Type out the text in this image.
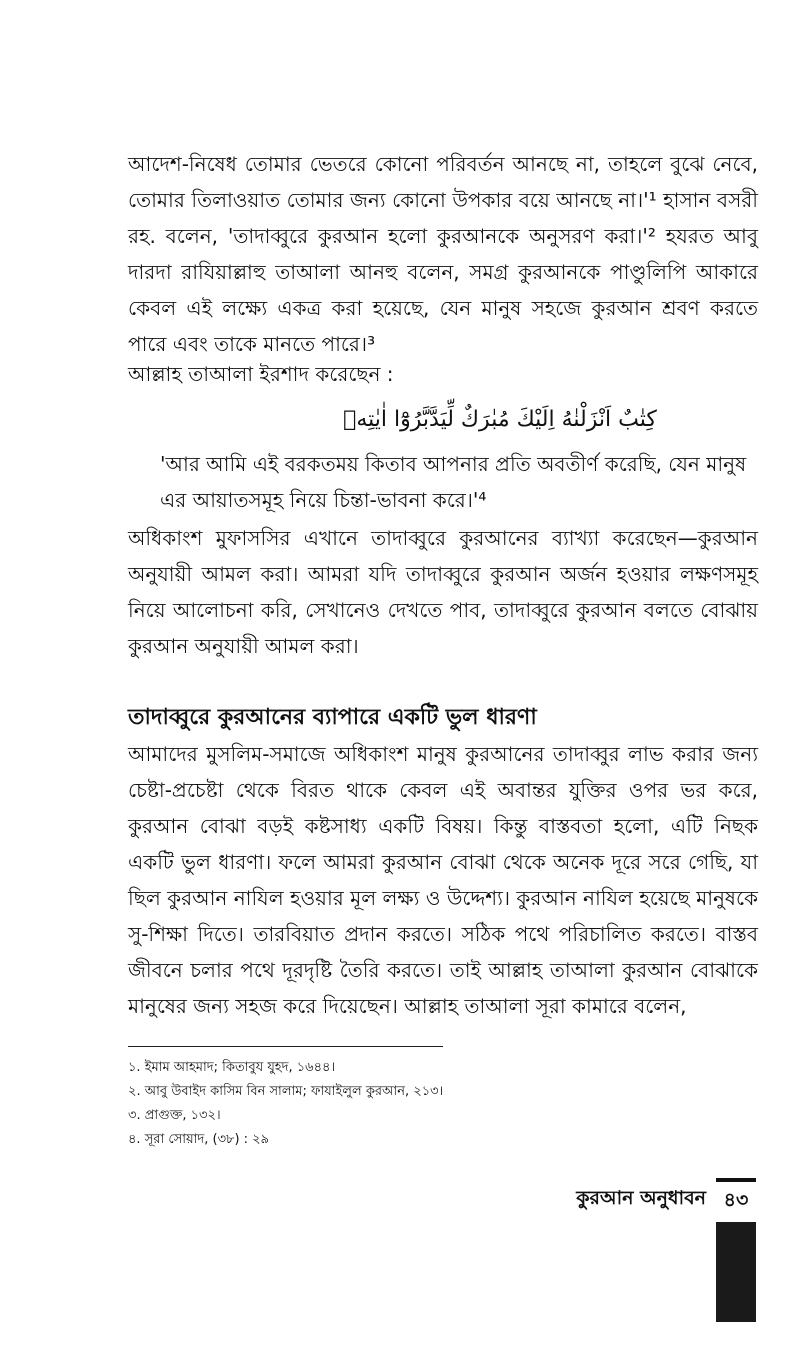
আদেশ-নিষেধ তোমার ভেতরে কোনো পরিবর্তন আনছে না, তাহলে বুঝে নেবে, তোমার তিলাওয়াত তোমার জন্য কোনো উপকার বয়ে আনছে না।'¹ হাসান বসরী রহ. বলেন, 'তাদাব্বুরে কুরআন হলো কুরআনকে অনুসরণ করা।'² হযরত আবু দারদা রাযিয়াল্লাহু তাআলা আনহু বলেন, সমগ্র কুরআনকে পাণ্ডুলিপি আকারে কেবল এই লক্ষ্যে একত্র করা হয়েছে, যেন মানুষ সহজে কুরআন শ্রবণ করতে পারে এবং তাকে মানতে পারে।³

আল্লাহ তাআলা ইরশাদ করেছেন :

كِتٰبٌ اَنْزَلْنٰهُ اِلَيْكَ مُبٰرَكٌ لِّيَدَّبَّرُوْٓا اٰيٰتِهٖ

'আর আমি এই বরকতময় কিতাব আপনার প্রতি অবতীর্ণ করেছি, যেন মানুষ এর আয়াতসমূহ নিয়ে চিন্তা-ভাবনা করে।'⁴

অধিকাংশ মুফাসসির এখানে তাদাব্বুরে কুরআনের ব্যাখ্যা করেছেন—কুরআন অনুযায়ী আমল করা। আমরা যদি তাদাব্বুরে কুরআন অর্জন হওয়ার লক্ষণসমূহ নিয়ে আলোচনা করি, সেখানেও দেখতে পাব, তাদাব্বুরে কুরআন বলতে বোঝায় কুরআন অনুযায়ী আমল করা।

তাদাব্বুরে কুরআনের ব্যাপারে একটি ভুল ধারণা

আমাদের মুসলিম-সমাজে অধিকাংশ মানুষ কুরআনের তাদাব্বুর লাভ করার জন্য চেষ্টা-প্রচেষ্টা থেকে বিরত থাকে কেবল এই অবান্তর যুক্তির ওপর ভর করে, কুরআন বোঝা বড়ই কষ্টসাধ্য একটি বিষয়। কিন্তু বাস্তবতা হলো, এটি নিছক একটি ভুল ধারণা। ফলে আমরা কুরআন বোঝা থেকে অনেক দূরে সরে গেছি, যা ছিল কুরআন নাযিল হওয়ার মূল লক্ষ্য ও উদ্দেশ্য। কুরআন নাযিল হয়েছে মানুষকে সু-শিক্ষা দিতে। তারবিয়াত প্রদান করতে। সঠিক পথে পরিচালিত করতে। বাস্তব জীবনে চলার পথে দূরদৃষ্টি তৈরি করতে। তাই আল্লাহ তাআলা কুরআন বোঝাকে মানুষের জন্য সহজ করে দিয়েছেন। আল্লাহ তাআলা সূরা কামারে বলেন,

১. ইমাম আহমাদ; কিতাবুয যুহদ, ১৬৪৪।
২. আবু উবাইদ কাসিম বিন সালাম; ফাযাইলুল কুরআন, ২১৩।
৩. প্রাগুক্ত, ১৩২।
৪. সূরা সোয়াদ, (৩৮) : ২৯
কুরআন অনুধাবন ৪৩
